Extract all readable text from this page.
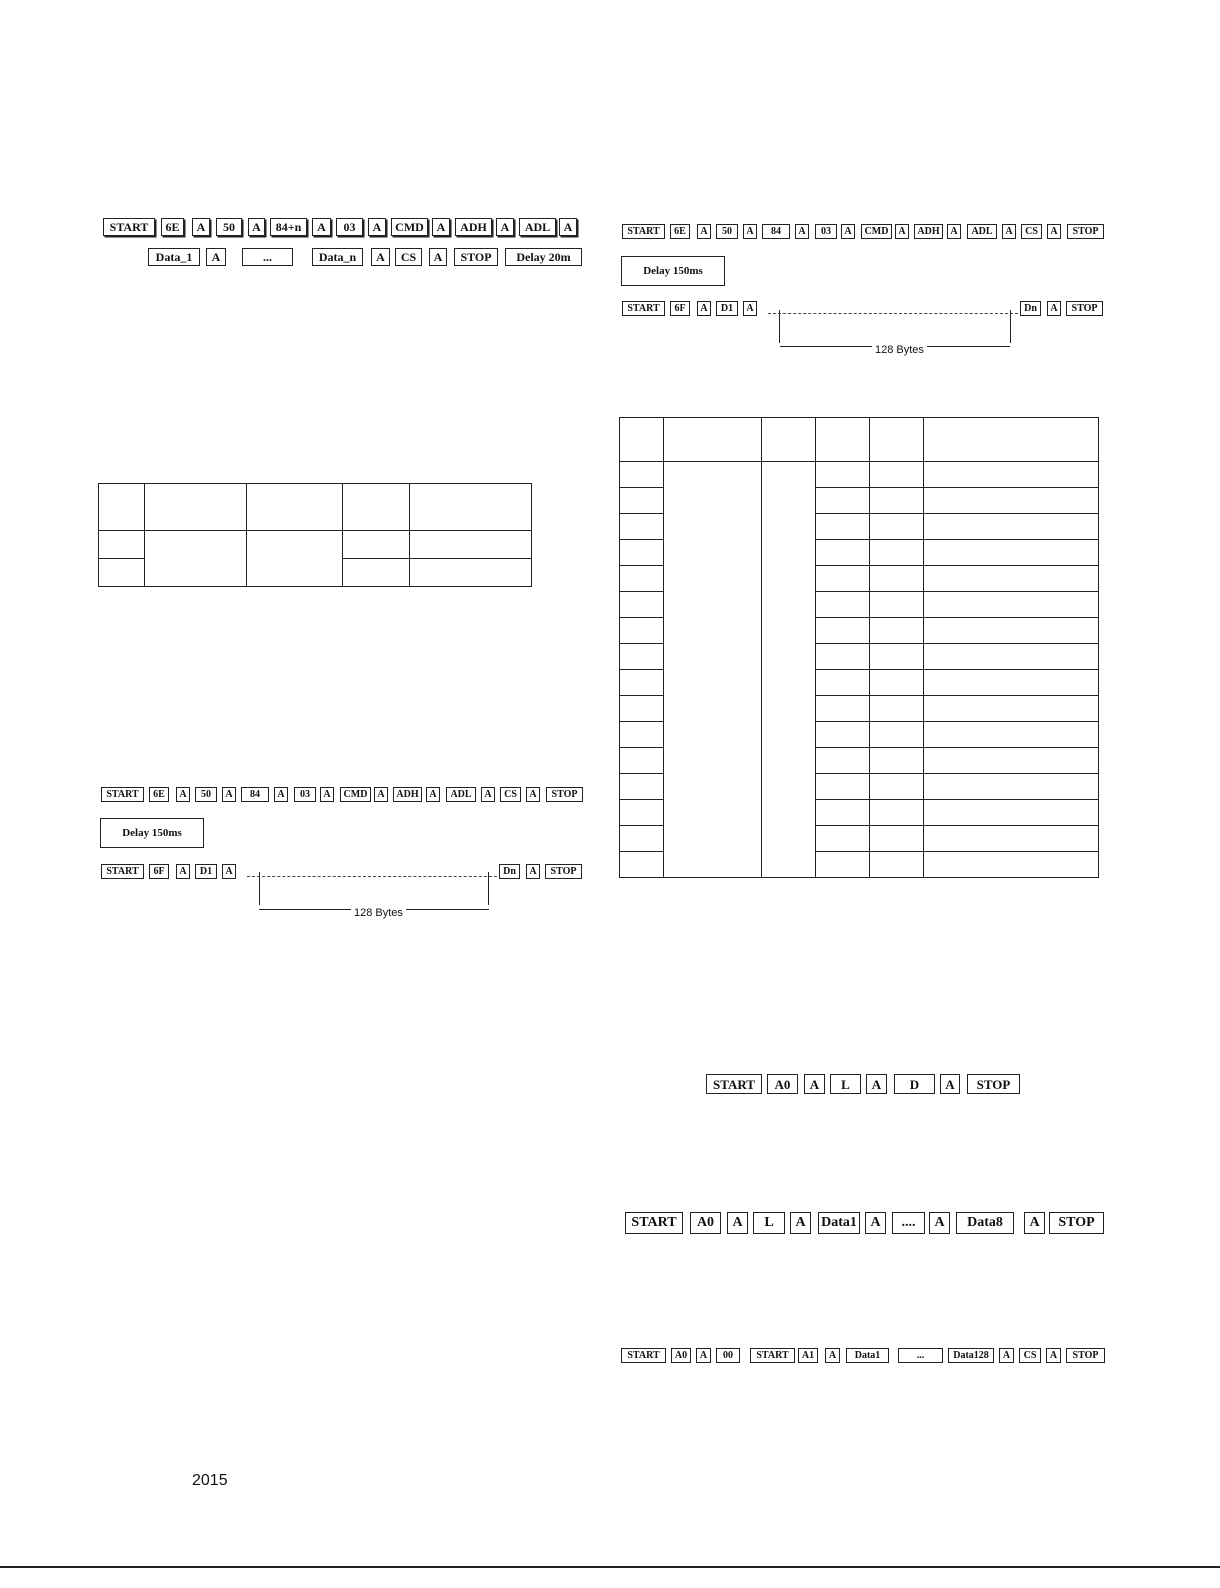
Delay 150ms
128 Bytes
Delay 150ms
128 Bytes

2015
START	6E	A	50	A	84+n	A	03	A	CMD	A	ADH	A	ADL	A
Data_1	A	...	Data_n	A	CS	A	STOP	Delay 20m
START	6E	A	50	A	84	A	03	A	CMD A	ADH	A	ADL	A	CS	A	STOP
START	6F	A	D1	A	Dn	A	STOP
START	6E	A	50	A	84	A	03	A	CMD A	ADH	A	ADL	A	CS	A	STOP
START	6F	A	D1	A	Dn	A	STOP
START	A0	A	L	A	D	A	STOP
START	A0	A	L	A	Data1 A	....	A	Data8	A	STOP
START	A0	A	00	START	A1	A	Data1	...	Data128	A	CS	A	STOP
